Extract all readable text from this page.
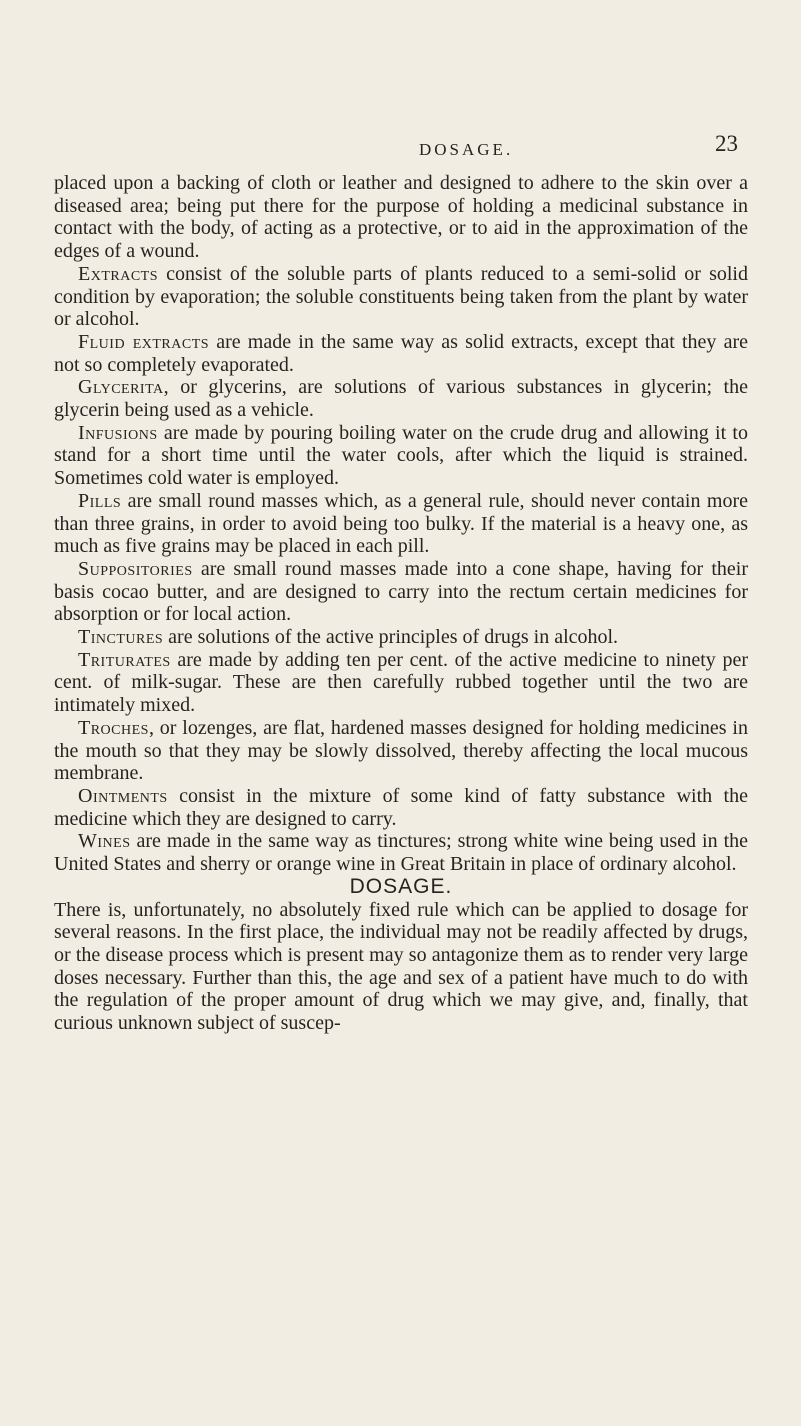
DOSAGE.	23

placed upon a backing of cloth or leather and designed to adhere to the skin over a diseased area; being put there for the purpose of holding a medicinal substance in contact with the body, of acting as a protective, or to aid in the approximation of the edges of a wound.

Extracts consist of the soluble parts of plants reduced to a semi-solid or solid condition by evaporation; the soluble constituents being taken from the plant by water or alcohol.

Fluid extracts are made in the same way as solid extracts, except that they are not so completely evaporated.

Glycerita, or glycerins, are solutions of various substances in glycerin; the glycerin being used as a vehicle.

Infusions are made by pouring boiling water on the crude drug and allowing it to stand for a short time until the water cools, after which the liquid is strained. Sometimes cold water is employed.

Pills are small round masses which, as a general rule, should never contain more than three grains, in order to avoid being too bulky. If the material is a heavy one, as much as five grains may be placed in each pill.

Suppositories are small round masses made into a cone shape, having for their basis cocao butter, and are designed to carry into the rectum certain medicines for absorption or for local action.

Tinctures are solutions of the active principles of drugs in alcohol.

Triturates are made by adding ten per cent. of the active medicine to ninety per cent. of milk-sugar. These are then carefully rubbed together until the two are intimately mixed.

Troches, or lozenges, are flat, hardened masses designed for holding medicines in the mouth so that they may be slowly dissolved, thereby affecting the local mucous membrane.

Ointments consist in the mixture of some kind of fatty substance with the medicine which they are designed to carry.

Wines are made in the same way as tinctures; strong white wine being used in the United States and sherry or orange wine in Great Britain in place of ordinary alcohol.

DOSAGE.

There is, unfortunately, no absolutely fixed rule which can be applied to dosage for several reasons. In the first place, the individual may not be readily affected by drugs, or the disease process which is present may so antagonize them as to render very large doses necessary. Further than this, the age and sex of a patient have much to do with the regulation of the proper amount of drug which we may give, and, finally, that curious unknown subject of suscep-
